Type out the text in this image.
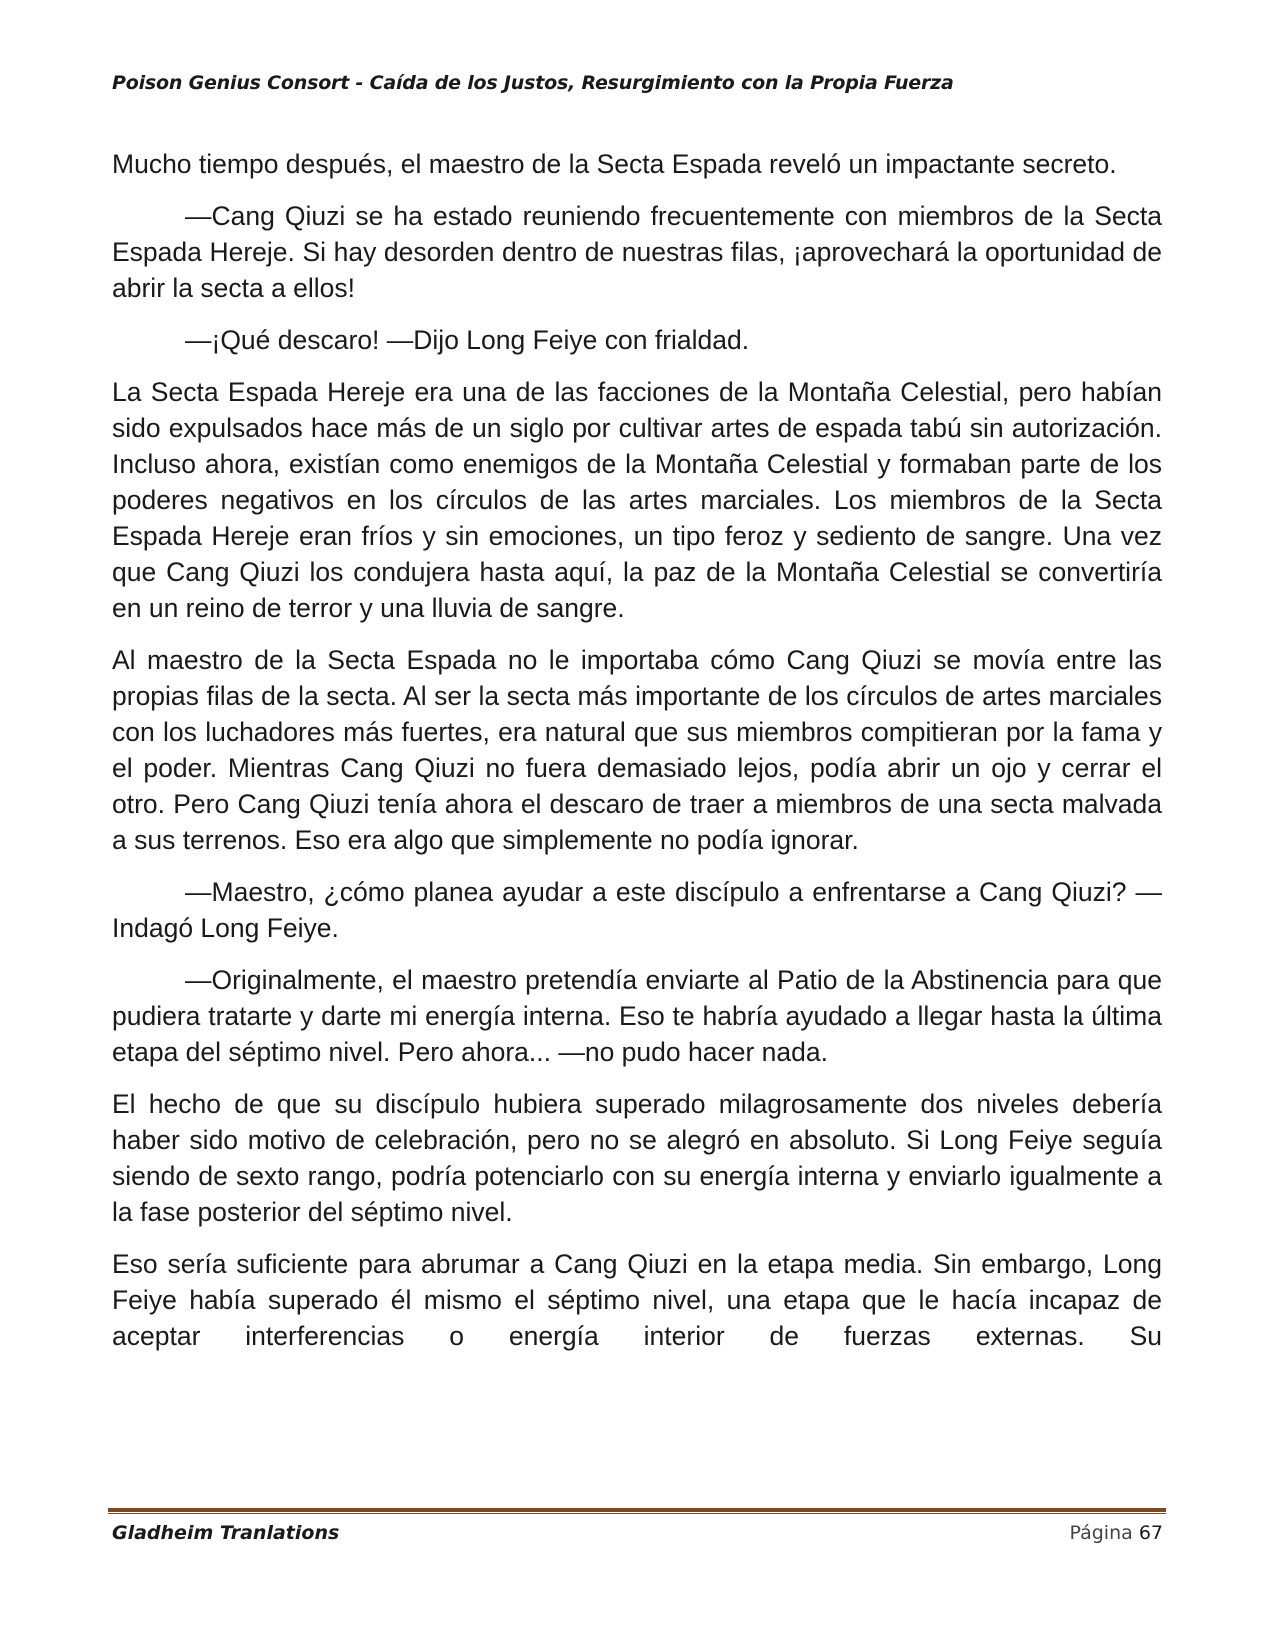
Poison Genius Consort - Caída de los Justos, Resurgimiento con la Propia Fuerza

Mucho tiempo después, el maestro de la Secta Espada reveló un impactante secreto.

—Cang Qiuzi se ha estado reuniendo frecuentemente con miembros de la Secta Espada Hereje. Si hay desorden dentro de nuestras filas, ¡aprovechará la oportunidad de abrir la secta a ellos!

—¡Qué descaro! —Dijo Long Feiye con frialdad.

La Secta Espada Hereje era una de las facciones de la Montaña Celestial, pero habían sido expulsados hace más de un siglo por cultivar artes de espada tabú sin autorización. Incluso ahora, existían como enemigos de la Montaña Celestial y formaban parte de los poderes negativos en los círculos de las artes marciales. Los miembros de la Secta Espada Hereje eran fríos y sin emociones, un tipo feroz y sediento de sangre. Una vez que Cang Qiuzi los condujera hasta aquí, la paz de la Montaña Celestial se convertiría en un reino de terror y una lluvia de sangre.

Al maestro de la Secta Espada no le importaba cómo Cang Qiuzi se movía entre las propias filas de la secta. Al ser la secta más importante de los círculos de artes marciales con los luchadores más fuertes, era natural que sus miembros compitieran por la fama y el poder. Mientras Cang Qiuzi no fuera demasiado lejos, podía abrir un ojo y cerrar el otro. Pero Cang Qiuzi tenía ahora el descaro de traer a miembros de una secta malvada a sus terrenos. Eso era algo que simplemente no podía ignorar.

—Maestro, ¿cómo planea ayudar a este discípulo a enfrentarse a Cang Qiuzi? —Indagó Long Feiye.

—Originalmente, el maestro pretendía enviarte al Patio de la Abstinencia para que pudiera tratarte y darte mi energía interna. Eso te habría ayudado a llegar hasta la última etapa del séptimo nivel. Pero ahora... —no pudo hacer nada.

El hecho de que su discípulo hubiera superado milagrosamente dos niveles debería haber sido motivo de celebración, pero no se alegró en absoluto. Si Long Feiye seguía siendo de sexto rango, podría potenciarlo con su energía interna y enviarlo igualmente a la fase posterior del séptimo nivel.

Eso sería suficiente para abrumar a Cang Qiuzi en la etapa media. Sin embargo, Long Feiye había superado él mismo el séptimo nivel, una etapa que le hacía incapaz de aceptar interferencias o energía interior de fuerzas externas. Su

Gladheim Tranlations	Página 67
